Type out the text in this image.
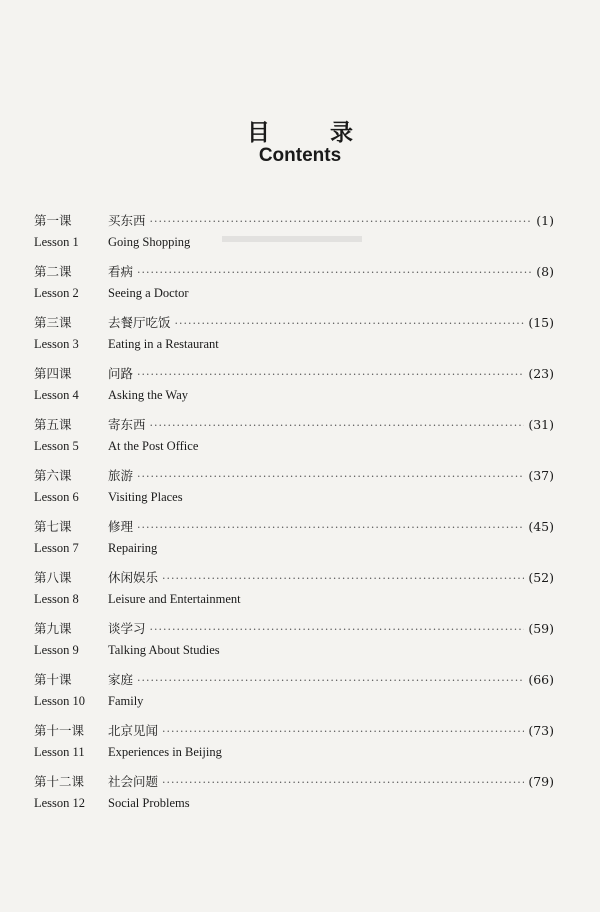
目 录
Contents
第一课	买东西 ·····	(1)
Lesson 1	Going Shopping
第二课	看病 ·····	(8)
Lesson 2	Seeing a Doctor
第三课	去餐厅吃饭 ·····	(15)
Lesson 3	Eating in a Restaurant
第四课	问路 ·····	(23)
Lesson 4	Asking the Way
第五课	寄东西 ·····	(31)
Lesson 5	At the Post Office
第六课	旅游 ·····	(37)
Lesson 6	Visiting Places
第七课	修理 ·····	(45)
Lesson 7	Repairing
第八课	休闲娱乐 ·····	(52)
Lesson 8	Leisure and Entertainment
第九课	谈学习 ·····	(59)
Lesson 9	Talking About Studies
第十课	家庭 ·····	(66)
Lesson 10	Family
第十一课	北京见闻 ·····	(73)
Lesson 11	Experiences in Beijing
第十二课	社会问题 ·····	(79)
Lesson 12	Social Problems
